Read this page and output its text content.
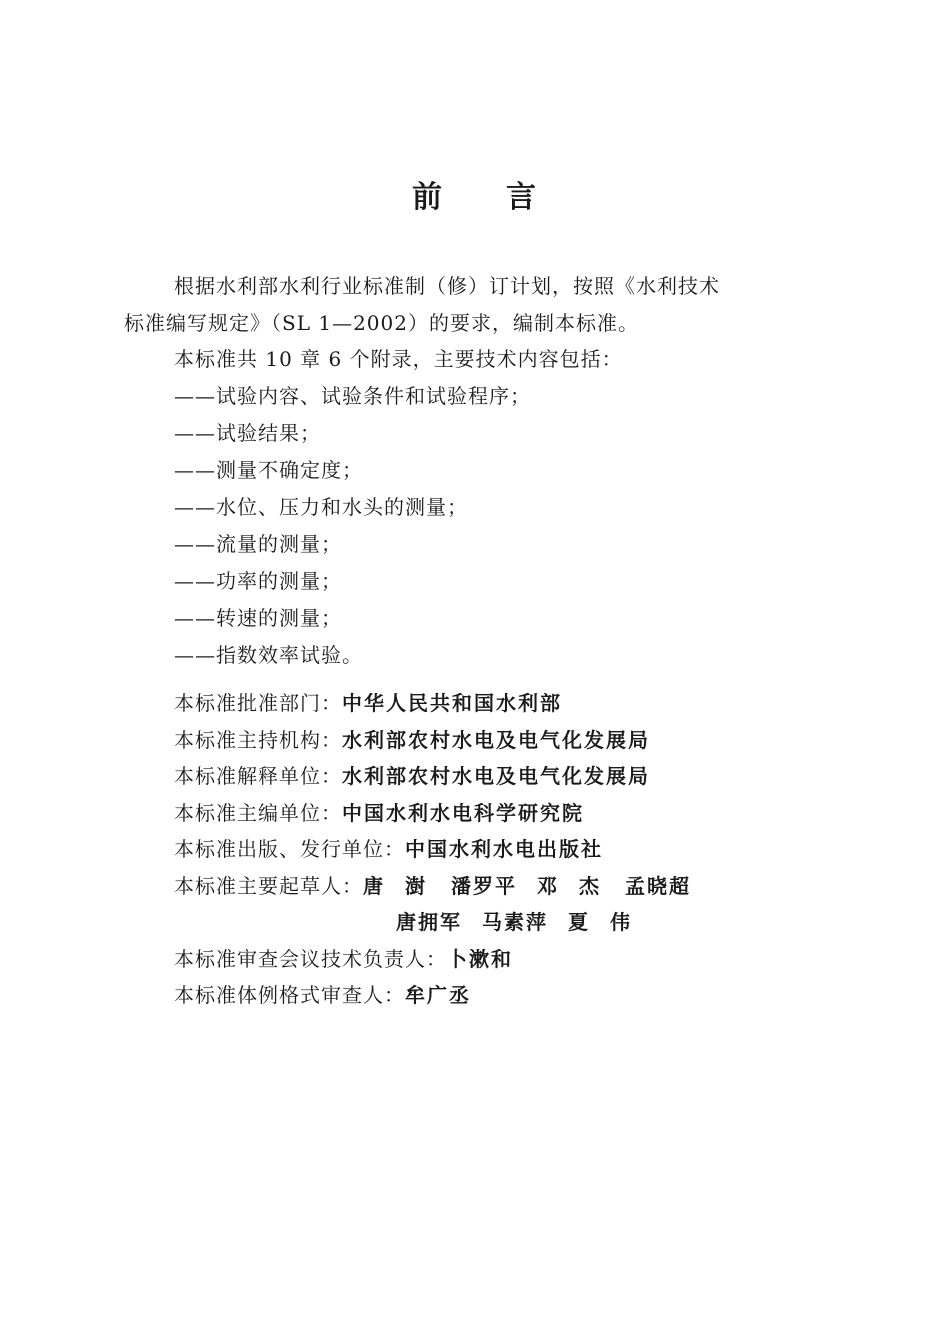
前 言
根据水利部水利行业标准制（修）订计划，按照《水利技术
标准编写规定》（SL 1—2002）的要求，编制本标准。
本标准共 10 章 6 个附录，主要技术内容包括：
——试验内容、试验条件和试验程序；
——试验结果；
——测量不确定度；
——水位、压力和水头的测量；
——流量的测量；
——功率的测量；
——转速的测量；
——指数效率试验。
本标准批准部门：中华人民共和国水利部
本标准主持机构：水利部农村水电及电气化发展局
本标准解释单位：水利部农村水电及电气化发展局
本标准主编单位：中国水利水电科学研究院
本标准出版、发行单位：中国水利水电出版社
本标准主要起草人：唐澍 潘罗平 邓杰 孟晓超
唐拥军 马素萍 夏伟
本标准审查会议技术负责人：卜漱和
本标准体例格式审查人：牟广丞
